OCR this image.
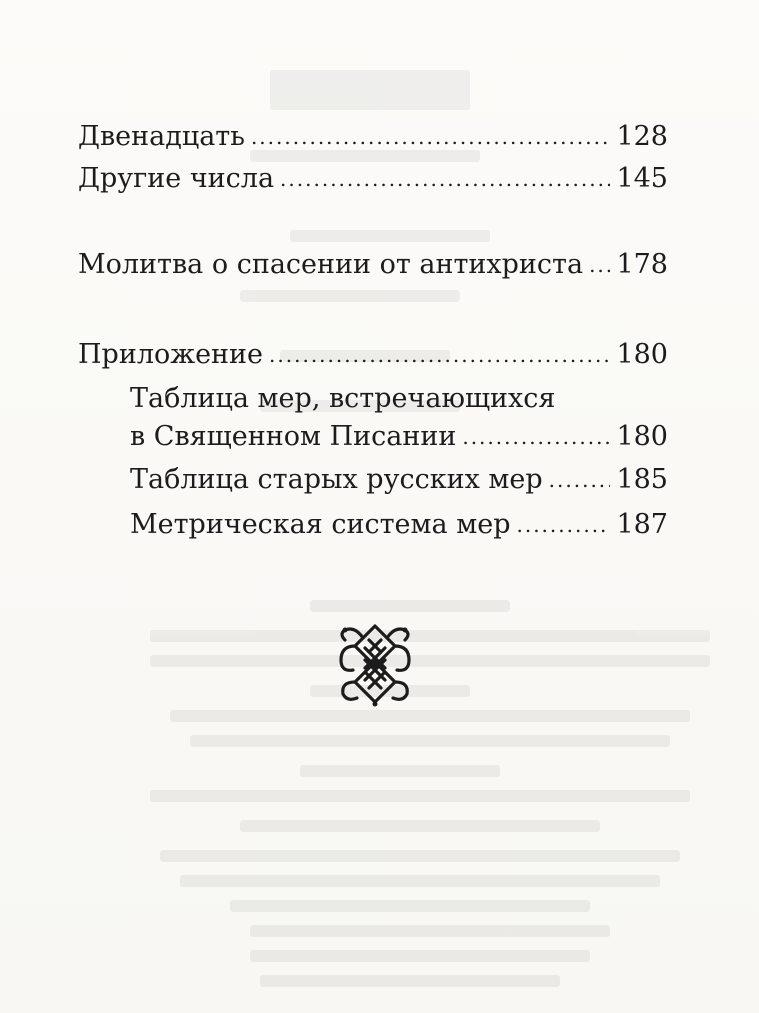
Двенадцать .....	128
Другие числа .....	145
Молитва о спасении от антихриста ..... 178
Приложение .....	180
Таблица мер, встречающихся
в Священном Писании .....	180
Таблица старых русских мер .....	185
Метрическая система мер .....	187
